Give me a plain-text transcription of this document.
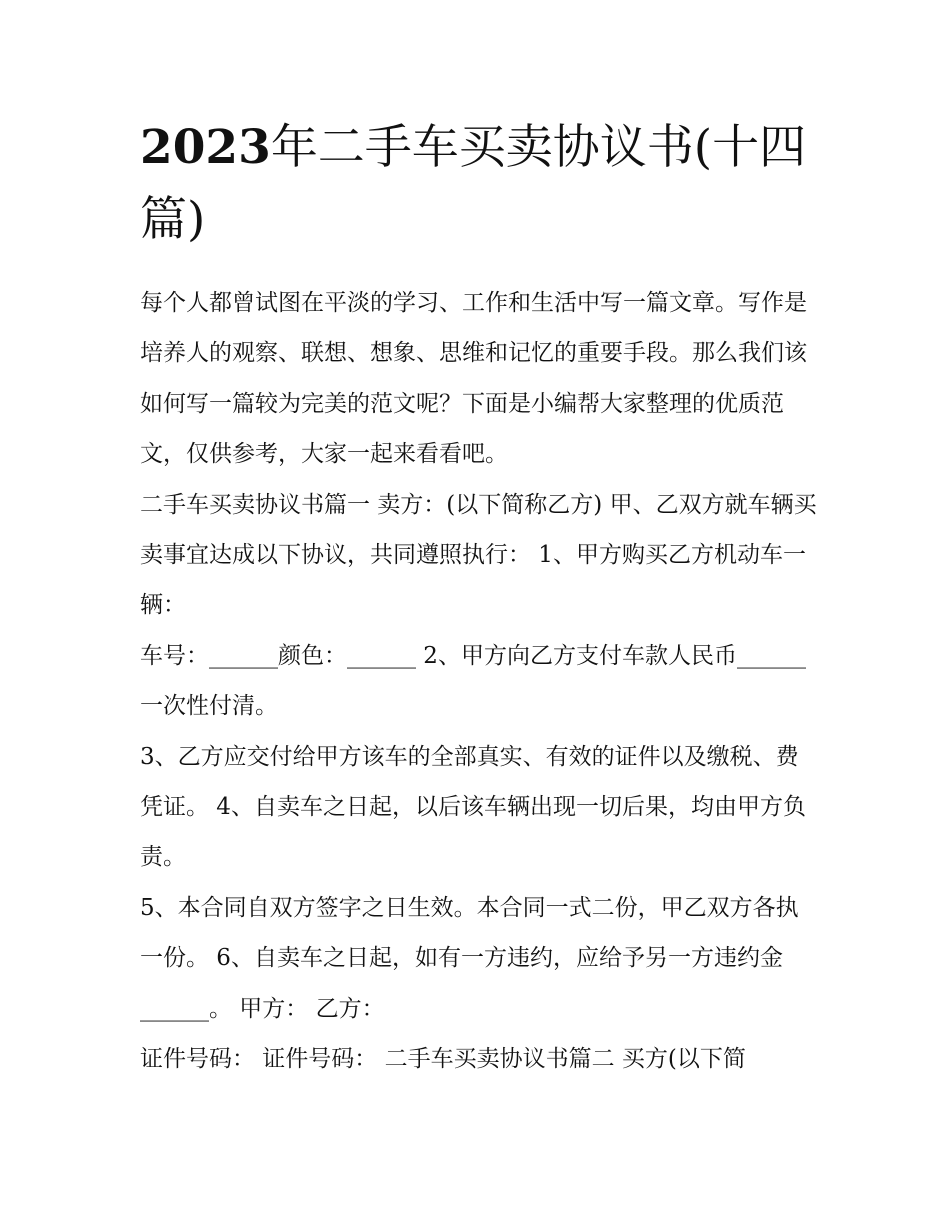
2023年二手车买卖协议书(十四篇)

每个人都曾试图在平淡的学习、工作和生活中写一篇文章。写作是培养人的观察、联想、想象、思维和记忆的重要手段。那么我们该如何写一篇较为完美的范文呢？下面是小编帮大家整理的优质范文，仅供参考，大家一起来看看吧。

二手车买卖协议书篇一 卖方：(以下简称乙方) 甲、乙双方就车辆买卖事宜达成以下协议，共同遵照执行： 1、甲方购买乙方机动车一辆：

车号：______颜色：______ 2、甲方向乙方支付车款人民币______一次性付清。

3、乙方应交付给甲方该车的全部真实、有效的证件以及缴税、费凭证。 4、自卖车之日起，以后该车辆出现一切后果，均由甲方负责。

5、本合同自双方签字之日生效。本合同一式二份，甲乙双方各执一份。 6、自卖车之日起，如有一方违约，应给予另一方违约金______。 甲方： 乙方：

证件号码： 证件号码： 二手车买卖协议书篇二 买方(以下简
